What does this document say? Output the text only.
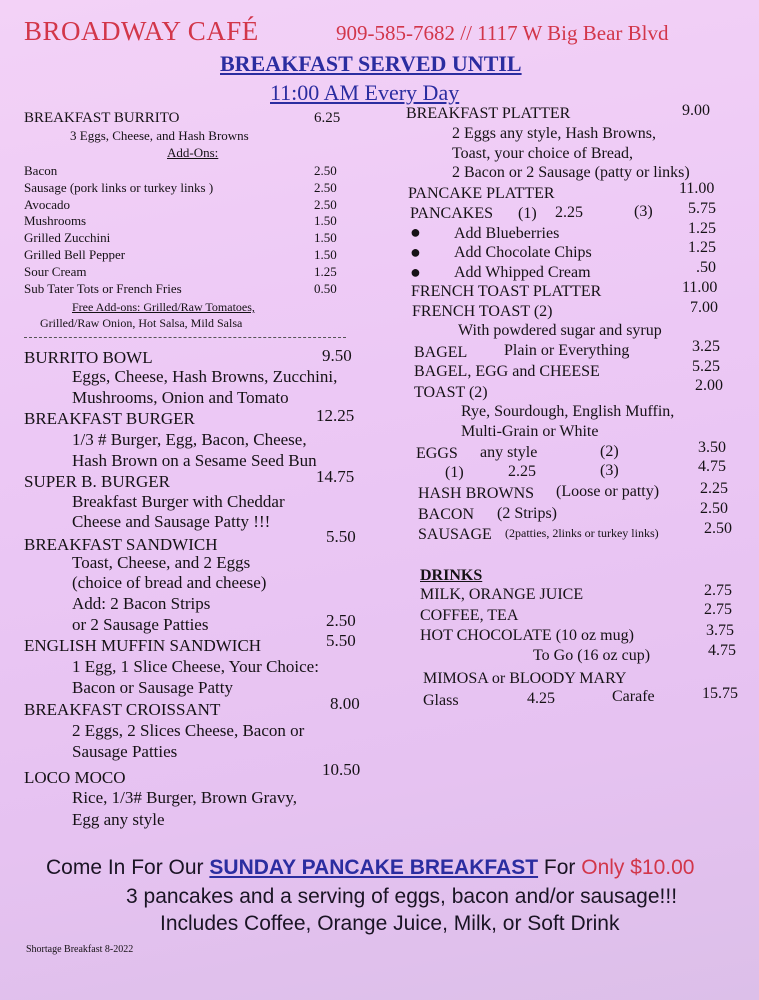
BROADWAY CAFÉ	909-585-7682 // 1117 W Big Bear Blvd
BREAKFAST SERVED UNTIL
11:00 AM Every Day
BREAKFAST BURRITO	6.25
3 Eggs, Cheese, and Hash Browns
Add-Ons:
Bacon	2.50
Sausage (pork links or turkey links )	2.50
Avocado	2.50
Mushrooms	1.50
Grilled Zucchini	1.50
Grilled Bell Pepper	1.50
Sour Cream	1.25
Sub Tater Tots or French Fries	0.50
Free Add-ons: Grilled/Raw Tomatoes,
Grilled/Raw Onion, Hot Salsa, Mild Salsa
BURRITO BOWL	9.50
Eggs, Cheese, Hash Browns, Zucchini,
Mushrooms, Onion and Tomato
BREAKFAST BURGER	12.25
1/3 # Burger, Egg, Bacon, Cheese,
Hash Brown on a Sesame Seed Bun
SUPER B. BURGER	14.75
Breakfast Burger with Cheddar
Cheese and Sausage Patty !!!
BREAKFAST SANDWICH	5.50
Toast, Cheese, and 2 Eggs
(choice of bread and cheese)
Add: 2 Bacon Strips
or 2 Sausage Patties	2.50
ENGLISH MUFFIN SANDWICH	5.50
1 Egg, 1 Slice Cheese, Your Choice:
Bacon or Sausage Patty
BREAKFAST CROISSANT	8.00
2 Eggs, 2 Slices Cheese, Bacon or
Sausage Patties
LOCO MOCO	10.50
Rice, 1/3# Burger, Brown Gravy,
Egg any style
BREAKFAST PLATTER	9.00
2 Eggs any style, Hash Browns,
Toast, your choice of Bread,
2 Bacon or 2 Sausage (patty or links)
PANCAKE PLATTER	11.00
PANCAKES (1) 2.25	(3) 5.75
● Add Blueberries	1.25
● Add Chocolate Chips	1.25
● Add Whipped Cream	.50
FRENCH TOAST PLATTER	11.00
FRENCH TOAST (2)	7.00
With powdered sugar and syrup
BAGEL Plain or Everything	3.25
BAGEL, EGG and CHEESE	5.25
TOAST (2)	2.00
Rye, Sourdough, English Muffin,
Multi-Grain or White
EGGS any style	(2)	3.50
(1)	2.25	(3)	4.75
HASH BROWNS (Loose or patty)	2.25
BACON (2 Strips)	2.50
SAUSAGE (2patties, 2links or turkey links)	2.50
DRINKS
MILK, ORANGE JUICE	2.75
COFFEE, TEA	2.75
HOT CHOCOLATE (10 oz mug)	3.75
To Go (16 oz cup)	4.75
MIMOSA or BLOODY MARY
Glass	4.25	Carafe	15.75
Come In For Our SUNDAY PANCAKE BREAKFAST For Only $10.00
3 pancakes and a serving of eggs, bacon and/or sausage!!!
Includes Coffee, Orange Juice, Milk, or Soft Drink
Shortage Breakfast 8-2022
